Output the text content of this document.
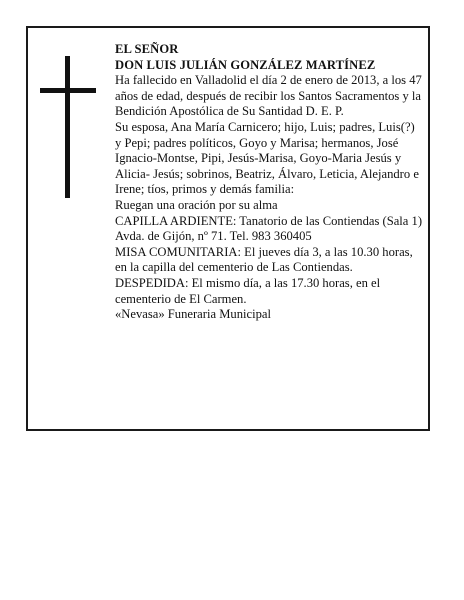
EL SEÑOR

DON LUIS JULIÁN GONZÁLEZ MARTÍNEZ

Ha fallecido en Valladolid el día 2 de enero de 2013, a los 47 años de edad, después de recibir los Santos Sacramentos y la Bendición Apostólica de Su Santidad D. E. P.

Su esposa, Ana María Carnicero; hijo, Luis; padres, Luis(?) y Pepi; padres políticos, Goyo y Marisa; hermanos, José Ignacio-Montse, Pipi, Jesús-Marisa, Goyo-Maria Jesús y Alicia- Jesús; sobrinos, Beatriz, Álvaro, Leticia, Alejandro e Irene; tíos, primos y demás familia:

Ruegan una oración por su alma

CAPILLA ARDIENTE: Tanatorio de las Contiendas (Sala 1) Avda. de Gijón, nº 71. Tel. 983 360405

MISA COMUNITARIA: El jueves día 3, a las 10.30 horas, en la capilla del cementerio de Las Contiendas.

DESPEDIDA: El mismo día, a las 17.30 horas, en el cementerio de El Carmen.

«Nevasa» Funeraria Municipal
